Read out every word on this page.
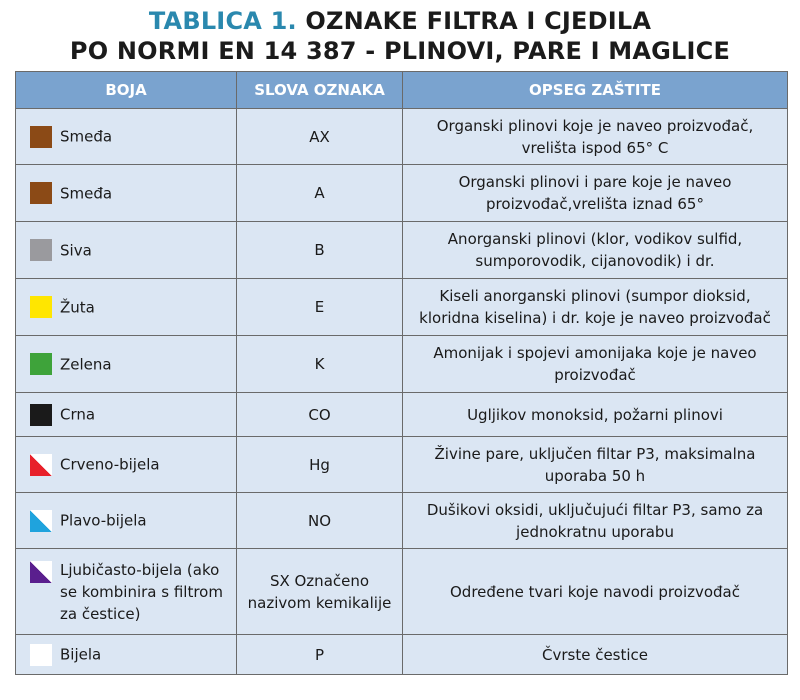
TABLICA 1. OZNAKE FILTRA I CJEDILA
PO NORMI EN 14 387 - PLINOVI, PARE I MAGLICE
BOJA	SLOVA OZNAKA	OPSEG ZAŠTITE
Smeđa	AX	Organski plinovi koje je naveo proizvođač, vrelišta ispod 65° C
Smeđa	A	Organski plinovi i pare koje je naveo proizvođač,vrelišta iznad 65°
Siva	B	Anorganski plinovi (klor, vodikov sulfid, sumporovodik, cijanovodik) i dr.
Žuta	E	Kiseli anorganski plinovi (sumpor dioksid, kloridna kiselina) i dr. koje je naveo proizvođač
Zelena	K	Amonijak i spojevi amonijaka koje je naveo proizvođač
Crna	CO	Ugljikov monoksid, požarni plinovi
Crveno-bijela	Hg	Živine pare, uključen filtar P3, maksimalna uporaba 50 h
Plavo-bijela	NO	Dušikovi oksidi, uključujući filtar P3, samo za jednokratnu uporabu

Ljubičasto-bijela (ako se kombinira s filtrom za čestice)	SX Označeno nazivom kemikalije	Određene tvari koje navodi proizvođač
Bijela	P	Čvrste čestice
